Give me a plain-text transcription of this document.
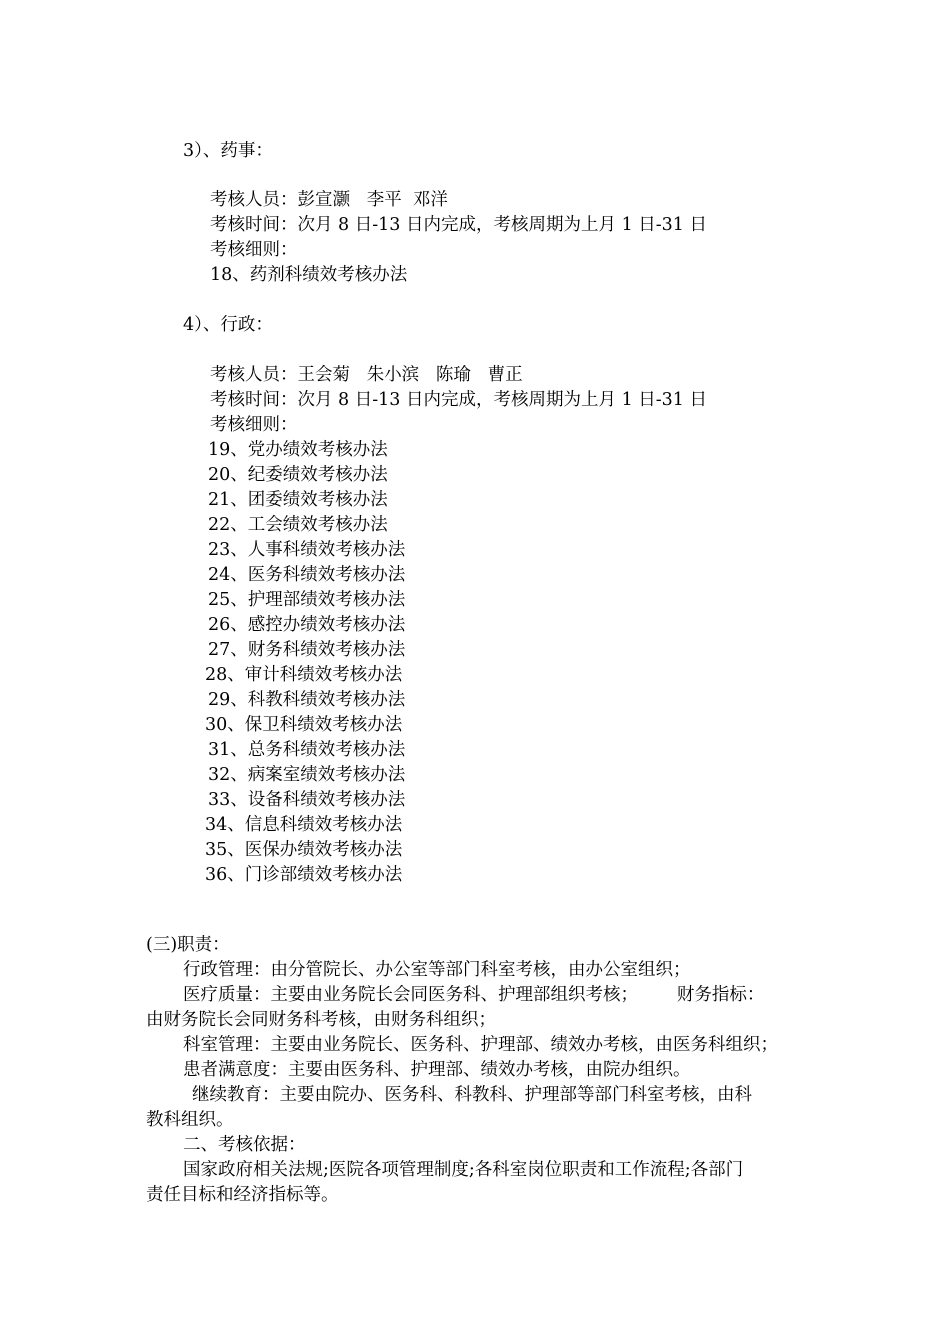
3）、药事：
考核人员：彭宣灏   李平  邓洋
考核时间：次月 8 日-13 日内完成，考核周期为上月 1 日-31 日
考核细则：
18、药剂科绩效考核办法
4）、行政：
考核人员：王会菊   朱小滨   陈瑜   曹正
考核时间：次月 8 日-13 日内完成，考核周期为上月 1 日-31 日
考核细则：
19、党办绩效考核办法
20、纪委绩效考核办法
21、团委绩效考核办法
22、工会绩效考核办法
23、人事科绩效考核办法
24、医务科绩效考核办法
25、护理部绩效考核办法
26、感控办绩效考核办法
27、财务科绩效考核办法
28、审计科绩效考核办法
29、科教科绩效考核办法
30、保卫科绩效考核办法
31、总务科绩效考核办法
32、病案室绩效考核办法
33、设备科绩效考核办法
34、信息科绩效考核办法
35、医保办绩效考核办法
36、门诊部绩效考核办法
(三)职责：
行政管理：由分管院长、办公室等部门科室考核，由办公室组织；
医疗质量：主要由业务院长会同医务科、护理部组织考核；       财务指标：
由财务院长会同财务科考核，由财务科组织；
科室管理：主要由业务院长、医务科、护理部、绩效办考核，由医务科组织；
患者满意度：主要由医务科、护理部、绩效办考核，由院办组织。
继续教育：主要由院办、医务科、科教科、护理部等部门科室考核，由科
教科组织。
二、考核依据：
国家政府相关法规;医院各项管理制度;各科室岗位职责和工作流程;各部门
责任目标和经济指标等。
